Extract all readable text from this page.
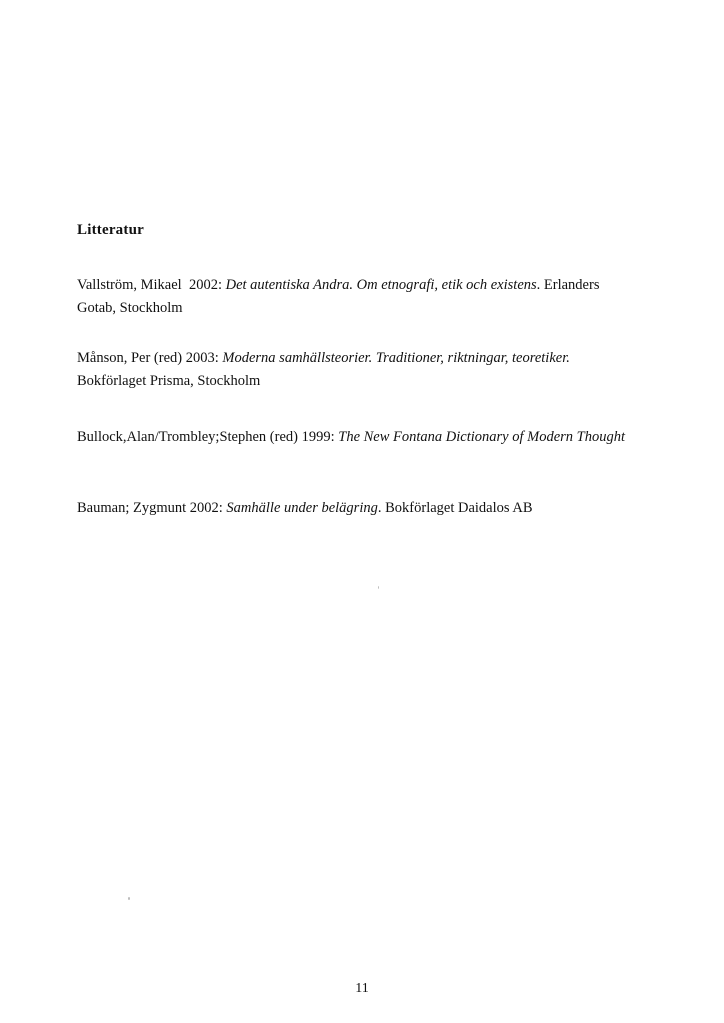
Litteratur
Vallström, Mikael 2002: Det autentiska Andra. Om etnografi, etik och existens. Erlanders Gotab, Stockholm
Månson, Per (red) 2003: Moderna samhällsteorier. Traditioner, riktningar, teoretiker. Bokförlaget Prisma, Stockholm
Bullock,Alan/Trombley;Stephen (red) 1999: The New Fontana Dictionary of Modern Thought
Bauman; Zygmunt 2002: Samhälle under belägring. Bokförlaget Daidalos AB
11
